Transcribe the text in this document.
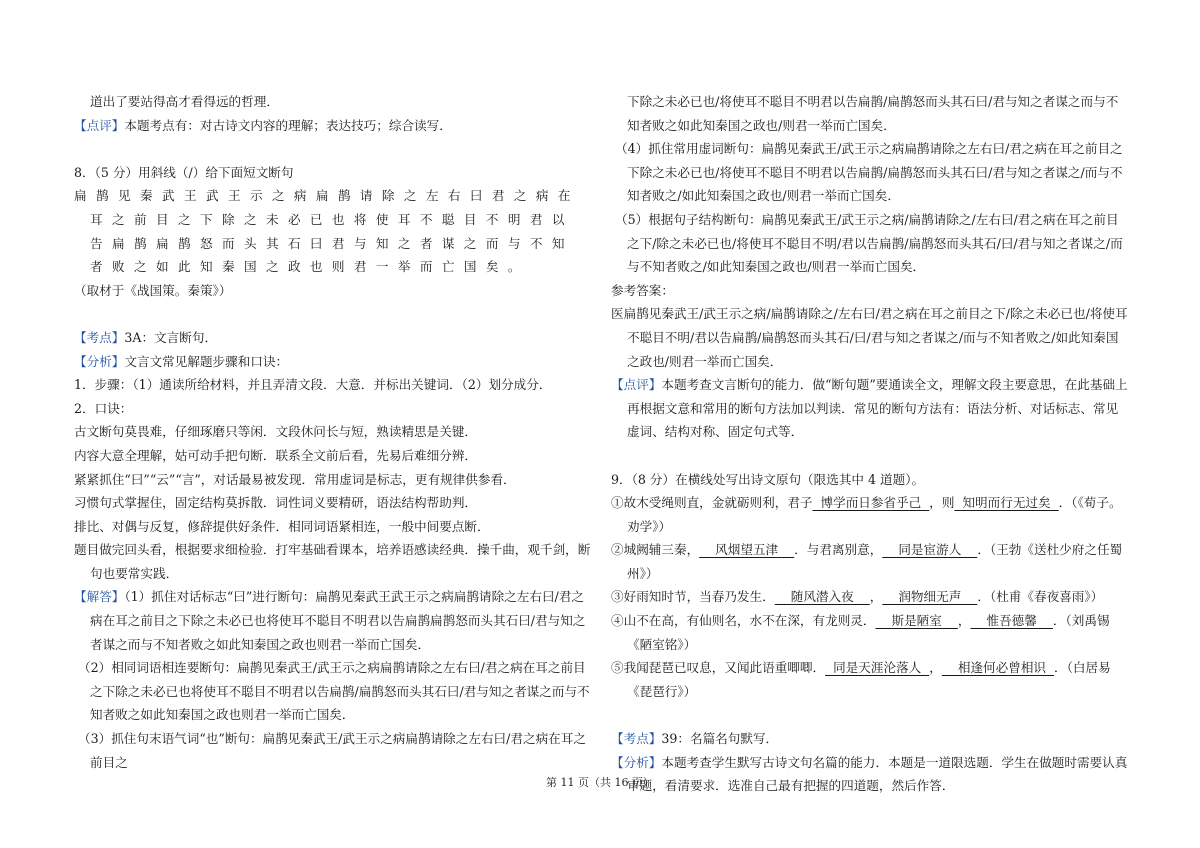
道出了要站得高才看得远的哲理．

【点评】本题考点有：对古诗文内容的理解；表达技巧；综合读写．

8．（5 分）用斜线（/）给下面短文断句

扁鹊见秦武王武王示之病扁鹊请除之左右曰君之病在耳之前目之下除之未必已也将使耳不聪目不明君以告扁鹊扁鹊怒而头其石曰君与知之者谋之而与不知者败之如此知秦国之政也则君一举而亡国矣。

（取材于《战国策。秦策》）

【考点】3A：文言断句．

【分析】文言文常见解题步骤和口诀：

1．步骤：（1）通读所给材料，并且弄清文段．大意．并标出关键词．（2）划分成分．

2．口诀：

古文断句莫畏难，仔细琢磨只等闲．文段休问长与短，熟读精思是关键．

内容大意全理解，姑可动手把句断．联系全文前后看，先易后难细分辨．

紧紧抓住“曰”“云”“言”，对话最易被发现．常用虚词是标志，更有规律供参看．

习惯句式掌握住，固定结构莫拆散．词性词义要精研，语法结构帮助判．

排比、对偶与反复，修辞提供好条件．相同词语紧相连，一般中间要点断．

题目做完回头看，根据要求细检验．打牢基础看课本，培养语感读经典．操千曲，观千剑，断句也要常实践．

【解答】（1）抓住对话标志“曰”进行断句：扁鹊见秦武王武王示之病扁鹊请除之左右曰/君之病在耳之前目之下除之未必已也将使耳不聪目不明君以告扁鹊扁鹊怒而头其石曰/君与知之者谋之而与不知者败之如此知秦国之政也则君一举而亡国矣．

（2）相同词语相连要断句：扁鹊见秦武王/武王示之病扁鹊请除之左右曰/君之病在耳之前目之下除之未必已也将使耳不聪目不明君以告扁鹊/扁鹊怒而头其石曰/君与知之者谋之而与不知者败之如此知秦国之政也则君一举而亡国矣．

（3）抓住句末语气词“也”断句：扁鹊见秦武王/武王示之病扁鹊请除之左右曰/君之病在耳之前目之

下除之未必已也/将使耳不聪目不明君以告扁鹊/扁鹊怒而头其石曰/君与知之者谋之而与不知者败之如此知秦国之政也/则君一举而亡国矣．

（4）抓住常用虚词断句：扁鹊见秦武王/武王示之病扁鹊请除之左右曰/君之病在耳之前目之下除之未必已也/将使耳不聪目不明君以告扁鹊/扁鹊怒而头其石曰/君与知之者谋之/而与不知者败之/如此知秦国之政也/则君一举而亡国矣．

（5）根据句子结构断句：扁鹊见秦武王/武王示之病/扁鹊请除之/左右曰/君之病在耳之前目之下/除之未必已也/将使耳不聪目不明/君以告扁鹊/扁鹊怒而头其石/曰/君与知之者谋之/而与不知者败之/如此知秦国之政也/则君一举而亡国矣．

参考答案：

医扁鹊见秦武王/武王示之病/扁鹊请除之/左右曰/君之病在耳之前目之下/除之未必已也/将使耳不聪目不明/君以告扁鹊/扁鹊怒而头其石/曰/君与知之者谋之/而与不知者败之/如此知秦国之政也/则君一举而亡国矣．

【点评】本题考查文言断句的能力．做“断句题”要通读全文，理解文段主要意思，在此基础上再根据文意和常用的断句方法加以判读．常见的断句方法有：语法分析、对话标志、常见虚词、结构对称、固定句式等．

9．（8 分）在横线处写出诗文原句（限选其中 4 道题）。

①故木受绳则直，金就砺则利，君子  博学而日参省乎己  ，则  知明而行无过矣  ．（《荀子。劝学》）

②城阙辅三秦，    风烟望五津    ．与君离别意，    同是宦游人    ．（王勃《送杜少府之任蜀州》）

③好雨知时节，当春乃发生．    随风潜入夜    ，    润物细无声    ．（杜甫《春夜喜雨》）

④山不在高，有仙则名，水不在深，有龙则灵．    斯是陋室    ，    惟吾德馨    ．（刘禹锡《陋室铭》）

⑤我闻琵琶已叹息，又闻此语重唧唧．  同是天涯沦落人  ，    相逢何必曾相识  ．（白居易《琵琶行》）

【考点】39：名篇名句默写．

【分析】本题考查学生默写古诗文句名篇的能力．本题是一道限选题．学生在做题时需要认真审题，看清要求．选准自己最有把握的四道题，然后作答．

第 11 页（共 16 页）
